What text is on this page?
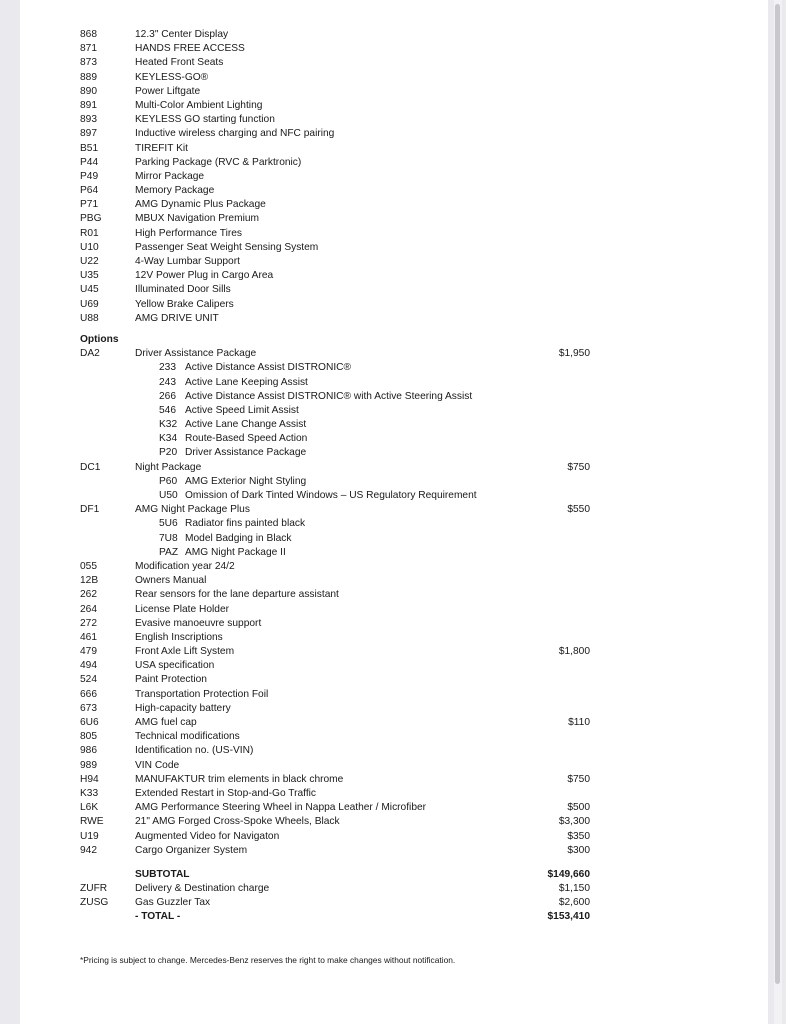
868	12.3" Center Display
871	HANDS FREE ACCESS
873	Heated Front Seats
889	KEYLESS-GO®
890	Power Liftgate
891	Multi-Color Ambient Lighting
893	KEYLESS GO starting function
897	Inductive wireless charging and NFC pairing
B51	TIREFIT Kit
P44	Parking Package (RVC & Parktronic)
P49	Mirror Package
P64	Memory Package
P71	AMG Dynamic Plus Package
PBG	MBUX Navigation Premium
R01	High Performance Tires
U10	Passenger Seat Weight Sensing System
U22	4-Way Lumbar Support
U35	12V Power Plug in Cargo Area
U45	Illuminated Door Sills
U69	Yellow Brake Calipers
U88	AMG DRIVE UNIT
Options
DA2	Driver Assistance Package	$1,950
233 Active Distance Assist DISTRONIC®
243 Active Lane Keeping Assist
266 Active Distance Assist DISTRONIC® with Active Steering Assist
546 Active Speed Limit Assist
K32 Active Lane Change Assist
K34 Route-Based Speed Action
P20 Driver Assistance Package
DC1	Night Package	$750
P60 AMG Exterior Night Styling
U50 Omission of Dark Tinted Windows – US Regulatory Requirement
DF1	AMG Night Package Plus	$550
5U6 Radiator fins painted black
7U8 Model Badging in Black
PAZ AMG Night Package II
055	Modification year 24/2
12B	Owners Manual
262	Rear sensors for the lane departure assistant
264	License Plate Holder
272	Evasive manoeuvre support
461	English Inscriptions
479	Front Axle Lift System	$1,800
494	USA specification
524	Paint Protection
666	Transportation Protection Foil
673	High-capacity battery
6U6	AMG fuel cap	$110
805	Technical modifications
986	Identification no. (US-VIN)
989	VIN Code
H94	MANUFAKTUR trim elements in black chrome	$750
K33	Extended Restart in Stop-and-Go Traffic
L6K	AMG Performance Steering Wheel in Nappa Leather / Microfiber	$500
RWE	21" AMG Forged Cross-Spoke Wheels, Black	$3,300
U19	Augmented Video for Navigaton	$350
942	Cargo Organizer System	$300
SUBTOTAL	$149,660
ZUFR	Delivery & Destination charge	$1,150
ZUSG	Gas Guzzler Tax	$2,600
- TOTAL -	$153,410
*Pricing is subject to change. Mercedes-Benz reserves the right to make changes without notification.
